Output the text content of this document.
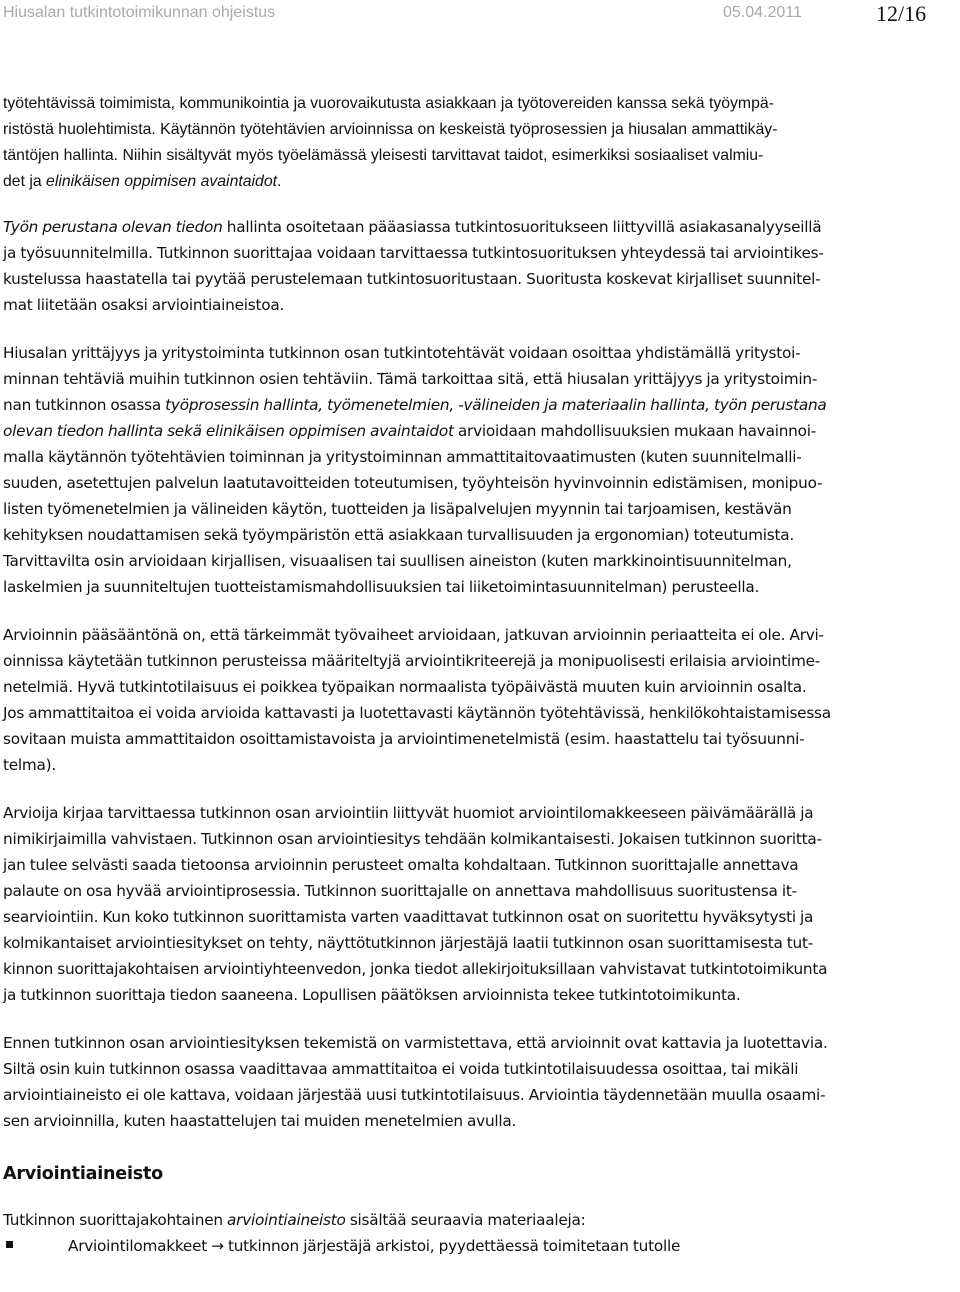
Hiusalan tutkintotoimikunnan ohjeistus	05.04.2011	12/16

työtehtävissä toimimista, kommunikointia ja vuorovaikutusta asiakkaan ja työtovereiden kanssa sekä työympä-
ristöstä huolehtimista. Käytännön työtehtävien arvioinnissa on keskeistä työprosessien ja hiusalan ammattikäy-
täntöjen hallinta. Niihin sisältyvät myös työelämässä yleisesti tarvittavat taidot, esimerkiksi sosiaaliset valmiu-
det ja elinikäisen oppimisen avaintaidot.

Työn perustana olevan tiedon hallinta osoitetaan pääasiassa tutkintosuoritukseen liittyvillä asiakasanalyyseillä
ja työsuunnitelmilla. Tutkinnon suorittajaa voidaan tarvittaessa tutkintosuorituksen yhteydessä tai arviointikes-
kustelussa haastatella tai pyytää perustelemaan tutkintosuoritustaan. Suoritusta koskevat kirjalliset suunnitel-
mat liitetään osaksi arviointiaineistoa.

Hiusalan yrittäjyys ja yritystoiminta tutkinnon osan tutkintotehtävät voidaan osoittaa yhdistämällä yritystoi-
minnan tehtäviä muihin tutkinnon osien tehtäviin. Tämä tarkoittaa sitä, että hiusalan yrittäjyys ja yritystoimin-
nan tutkinnon osassa työprosessin hallinta, työmenetelmien, -välineiden ja materiaalin hallinta, työn perustana
olevan tiedon hallinta sekä elinikäisen oppimisen avaintaidot arvioidaan mahdollisuuksien mukaan havainnoi-
malla käytännön työtehtävien toiminnan ja yritystoiminnan ammattitaitovaatimusten (kuten suunnitelmalli-
suuden, asetettujen palvelun laatutavoitteiden toteutumisen, työyhteisön hyvinvoinnin edistämisen, monipuo-
listen työmenetelmien ja välineiden käytön, tuotteiden ja lisäpalvelujen myynnin tai tarjoamisen, kestävän
kehityksen noudattamisen sekä työympäristön että asiakkaan turvallisuuden ja ergonomian) toteutumista.
Tarvittavilta osin arvioidaan kirjallisen, visuaalisen tai suullisen aineiston (kuten markkinointisuunnitelman,
laskelmien ja suunniteltujen tuotteistamismahdollisuuksien tai liiketoimintasuunnitelman) perusteella.

Arvioinnin pääsääntönä on, että tärkeimmät työvaiheet arvioidaan, jatkuvan arvioinnin periaatteita ei ole. Arvi-
oinnissa käytetään tutkinnon perusteissa määriteltyjä arviointikriteerejä ja monipuolisesti erilaisia arviointime-
netelmiä. Hyvä tutkintotilaisuus ei poikkea työpaikan normaalista työpäivästä muuten kuin arvioinnin osalta.
Jos ammattitaitoa ei voida arvioida kattavasti ja luotettavasti käytännön työtehtävissä, henkilökohtaistamisessa
sovitaan muista ammattitaidon osoittamistavoista ja arviointimenetelmistä (esim. haastattelu tai työsuunni-
telma).

Arvioija kirjaa tarvittaessa tutkinnon osan arviointiin liittyvät huomiot arviointilomakkeeseen päivämäärällä ja
nimikirjaimilla vahvistaen. Tutkinnon osan arviointiesitys tehdään kolmikantaisesti. Jokaisen tutkinnon suoritta-
jan tulee selvästi saada tietoonsa arvioinnin perusteet omalta kohdaltaan. Tutkinnon suorittajalle annettava
palaute on osa hyvää arviointiprosessia. Tutkinnon suorittajalle on annettava mahdollisuus suoritustensa it-
searviointiin. Kun koko tutkinnon suorittamista varten vaadittavat tutkinnon osat on suoritettu hyväksytysti ja
kolmikantaiset arviointiesitykset on tehty, näyttötutkinnon järjestäjä laatii tutkinnon osan suorittamisesta tut-
kinnon suorittajakohtaisen arviointiyhteenvedon, jonka tiedot allekirjoituksillaan vahvistavat tutkintotoimikunta
ja tutkinnon suorittaja tiedon saaneena. Lopullisen päätöksen arvioinnista tekee tutkintotoimikunta.

Ennen tutkinnon osan arviointiesityksen tekemistä on varmistettava, että arvioinnit ovat kattavia ja luotettavia.
Siltä osin kuin tutkinnon osassa vaadittavaa ammattitaitoa ei voida tutkintotilaisuudessa osoittaa, tai mikäli
arviointiaineisto ei ole kattava, voidaan järjestää uusi tutkintotilaisuus. Arviointia täydennetään muulla osaami-
sen arvioinnilla, kuten haastattelujen tai muiden menetelmien avulla.

Arviointiaineisto

Tutkinnon suorittajakohtainen arviointiaineisto sisältää seuraavia materiaaleja:

Arviointilomakkeet → tutkinnon järjestäjä arkistoi, pyydettäessä toimitetaan tutolle
